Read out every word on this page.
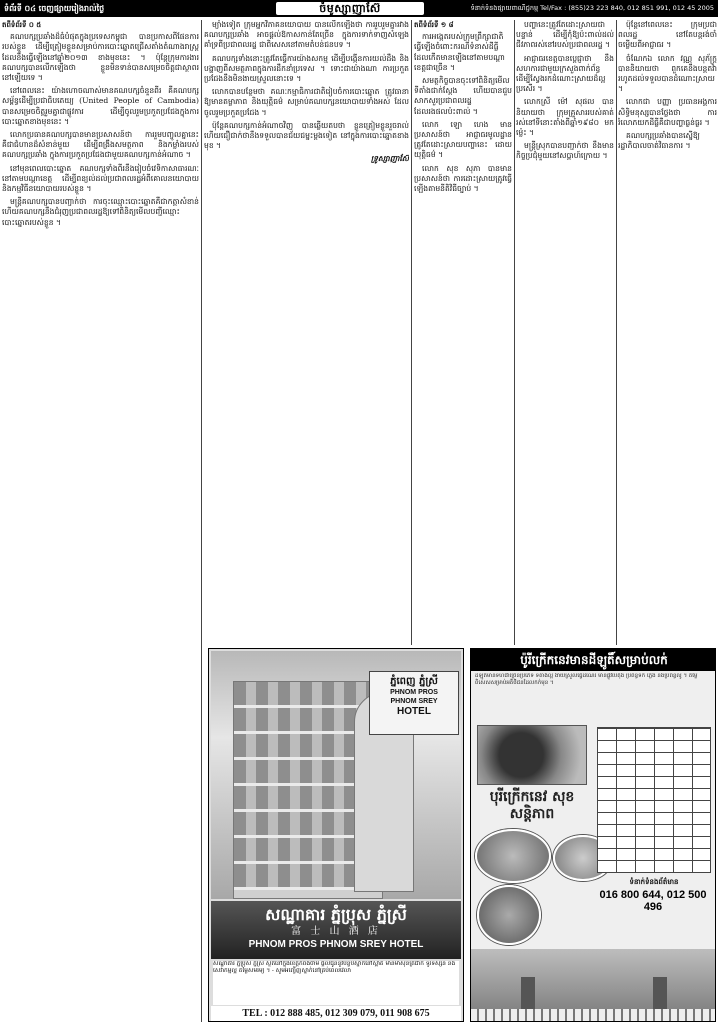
ទំព័រទី ០៤ ចេញផ្សាយរៀងរាល់ថ្ងៃ	ចំមូស្សាញាស៊ែ	ទំនាក់ទំនងផ្សាយពាណិជ្ជកម្ម Tel/Fax : (855)23 223 840, 012 851 991, 012 45 2005
តពីទំព័រទី ០ ៥

គណបក្សប្រឆាំងដ៏ធំបំផុតក្នុងប្រទេសកម្ពុជា បានប្រកាសពីផែនការរបស់ខ្លួន ដើម្បីត្រៀមខ្លួនសម្រាប់ការបោះឆ្នោតជ្រើសតាំងតំណាងរាស្ត្រ ដែលនឹងធ្វើឡើងនៅឆ្នាំ២០១៣ ខាងមុខនេះ ។ ប៉ុន្តែក្រុមការងារគណបក្សបានលើកឡើងថា ខ្លួនមិនទាន់បានសម្រេចចិត្តជាស្ថាពរនៅឡើយទេ ។

នៅពេលនេះ យ៉ាងហោចណាស់មានគណបក្សចំនួនពីរ គឺគណបក្សសម្ព័ន្ធដើម្បីប្រជាធិបតេយ្យ (United People of Cambodia) បានសម្រេចចិត្តរួមគ្នាជាផ្លូវការ ដើម្បីចូលរួមប្រកួតប្រជែងក្នុងការបោះឆ្នោតខាងមុខនេះ ។

លោកប្រធានគណបក្សបានមានប្រសាសន៍ថា ការរួមបញ្ចូលគ្នានេះ គឺជាជំហានដ៏សំខាន់មួយ ដើម្បីពង្រឹងសមត្ថភាព និងកម្លាំងរបស់គណបក្សប្រឆាំង ក្នុងការប្រកួតប្រជែងជាមួយគណបក្សកាន់អំណាច ។

នៅមុនពេលបោះឆ្នោត គណបក្សទាំងពីរនឹងរៀបចំវេទិកាសាធារណៈ នៅតាមបណ្តាខេត្ត ដើម្បីពន្យល់ដល់ប្រជាពលរដ្ឋអំពីគោលនយោបាយ និងកម្មវិធីនយោបាយរបស់ខ្លួន ។

មន្ត្រីគណបក្សបានបញ្ជាក់ថា ការចុះឈ្មោះបោះឆ្នោតគឺជាកត្តាសំខាន់ ហើយគណបក្សនឹងជំរុញប្រជាពលរដ្ឋឱ្យទៅពិនិត្យមើលបញ្ជីឈ្មោះបោះឆ្នោតរបស់ខ្លួន ។

ម្យ៉ាងទៀត ក្រុមអ្នកវិភាគនយោបាយ បានលើកឡើងថា ការរួបរួមគ្នារវាងគណបក្សប្រឆាំង អាចផ្តល់ឱកាសកាន់តែច្រើន ក្នុងការទាក់ទាញសំឡេងគាំទ្រពីប្រជាពលរដ្ឋ ជាពិសេសនៅតាមតំបន់ជនបទ ។

គណបក្សទាំងនោះត្រូវតែធ្វើការយ៉ាងសកម្ម ដើម្បីបង្កើនការយល់ដឹង និងបង្ហាញពីសមត្ថភាពក្នុងការដឹកនាំប្រទេស ។ ទោះជាយ៉ាងណា ការប្រកួតប្រជែងនឹងមិនងាយស្រួលនោះទេ ។

លោកបានបន្ថែមថា គណៈកម្មាធិការជាតិរៀបចំការបោះឆ្នោត ត្រូវធានាឱ្យមានតម្លាភាព និងយុត្តិធម៌ សម្រាប់គណបក្សនយោបាយទាំងអស់ ដែលចូលរួមប្រកួតប្រជែង ។

ប៉ុន្តែគណបក្សកាន់អំណាចវិញ បានឆ្លើយតបថា ខ្លួនត្រៀមខ្លួនរួចរាល់ ហើយជឿជាក់ថានឹងទទួលបានជ័យជម្នះម្តងទៀត នៅក្នុងការបោះឆ្នោតខាងមុខ ។

ទ្រូស្សាញាស៊ែ
តពីទំព័រទី ១ ៨

ការអង្កេតរបស់ក្រុមព្រឹក្សាជាតិ ធ្វើឡើងចំពោះករណីទំនាស់ដីធ្លី ដែលកើតមានឡើងនៅតាមបណ្តាខេត្តជាច្រើន ។

សមត្ថកិច្ចបានចុះទៅពិនិត្យមើលទីតាំងជាក់ស្តែង ហើយបានជួបសាកសួរប្រជាពលរដ្ឋដែលរងផលប៉ះពាល់ ។

លោក ឡោ ហេង មានប្រសាសន៍ថា អាជ្ញាធរមូលដ្ឋានត្រូវតែដោះស្រាយបញ្ហានេះ ដោយយុត្តិធម៌ ។

លោក សុខ សុភា បានមានប្រសាសន៍ថា ការដោះស្រាយត្រូវធ្វើឡើងតាមនីតិវិធីច្បាប់ ។

បញ្ហានេះត្រូវតែដោះស្រាយជាបន្ទាន់ ដើម្បីកុំឱ្យប៉ះពាល់ដល់ជីវភាពរស់នៅរបស់ប្រជាពលរដ្ឋ ។

អាជ្ញាធរខេត្តបានប្តេជ្ញាថា នឹងសហការជាមួយក្រសួងពាក់ព័ន្ធ ដើម្បីស្វែងរកដំណោះស្រាយដ៏ល្អប្រសើរ ។

លោកស្រី ម៉ៅ សុផល បាននិយាយថា ក្រុមគ្រួសាររបស់គាត់រស់នៅទីនោះតាំងពីឆ្នាំ១៩៨០ មកម្ល៉េះ ។

មន្ត្រីស្រុកបានបញ្ជាក់ថា នឹងមានកិច្ចប្រជុំមួយនៅសប្តាហ៍ក្រោយ ។

ប៉ុន្តែនៅពេលនេះ ក្រុមប្រជាពលរដ្ឋ នៅតែបន្តរង់ចាំចម្លើយពីអាជ្ញាធរ ។

ចំណែកឯ លោក វណ្ណ សុភ័ក្ត្រ បាននិយាយថា ពួកគេនឹងបន្តតវ៉ា រហូតដល់ទទួលបានដំណោះស្រាយ ។

លោកជា បញ្ញា ប្រធានអង្គការសិទ្ធិមនុស្សបានថ្លែងថា ការរំលោភយកដីធ្លីគឺជាបញ្ហាធ្ងន់ធ្ងរ ។

គណបក្សប្រឆាំងបានស្នើឱ្យរដ្ឋាភិបាលចាត់វិធានការ ។

ភ្នំពេញ ភ្នំស្រី
PHNOM PROS
PHNOM SREY
HOTEL
សណ្ឋាគារ ភ្នំប្រុស ភ្នំស្រី
富 士 山 酒 店
PHNOM PROS PHNOM SREY HOTEL
សណ្ឋាគារ ភ្នំប្រុស ភ្នំស្រី ស្ថិតនៅក្នុងខេត្តកំពង់ចាម ផ្តល់ជូននូវបន្ទប់ស្នាក់នៅស្អាត មានម៉ាស៊ីនត្រជាក់ ទូរទស្សន៍ និងសេវាកម្មល្អ តម្លៃសមរម្យ ។ - សូមអញ្ជើញស្នាក់នៅគ្រប់ពេលវេលា
TEL : 012 888 485, 012 309 079, 011 908 675
ប៉ូរីក្រើកនេវមានដីឡូតិ៍សម្រាប់លក់
ដីឡូតិ៍មានទំហំជាច្រើនប្រភេទ ទីតាំងល្អ ងាយស្រួលធ្វើដំណើរ មានផ្លូវបេតុង ប្រព័ន្ធទឹក ភ្លើង និងប្រព័ន្ធលូ ។ តម្លៃពិសេសសម្រាប់អតិថិជនដែលកក់មុន ។
បុរីក្រើកនេវ សុខសន្តិភាព
ទំនាក់ទំនងព័ត៌មាន
016 800 644, 012 500 496
